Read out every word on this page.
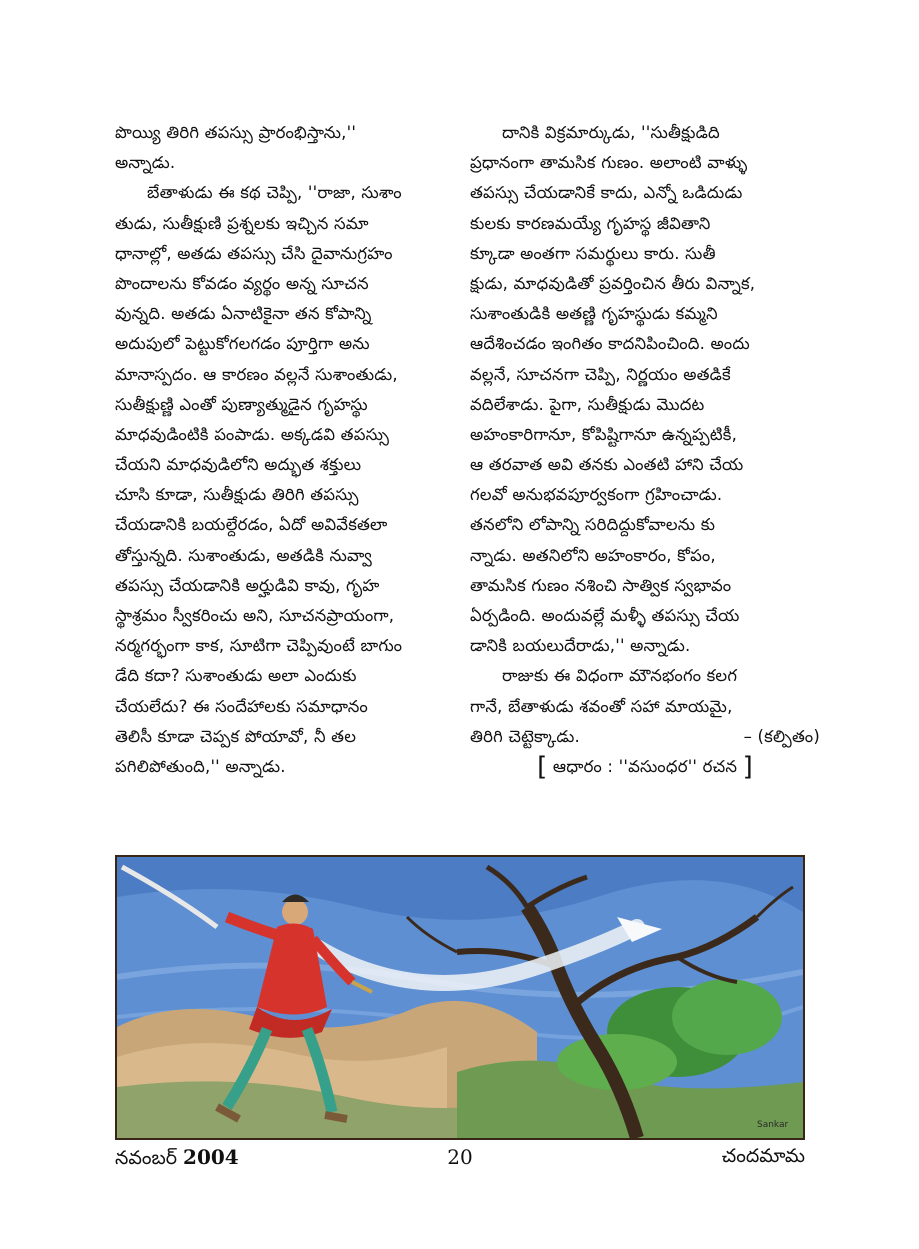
పొయ్యి తిరిగి తపస్సు ప్రారంభిస్తాను,''
అన్నాడు.
బేతాళుడు ఈ కథ చెప్పి, ''రాజా, సుశాం
తుడు, సుతీక్షుణి ప్రశ్నలకు ఇచ్చిన సమా
ధానాల్లో, అతడు తపస్సు చేసి దైవానుగ్రహం
పొందాలను కోవడం వ్యర్థం అన్న సూచన
వున్నది. అతడు ఏనాటికైనా తన కోపాన్ని
అదుపులో పెట్టుకోగలగడం పూర్తిగా అను
మానాస్పదం. ఆ కారణం వల్లనే సుశాంతుడు,
సుతీక్షుణ్ణి ఎంతో పుణ్యాత్ముడైన గృహస్థు
మాధవుడింటికి పంపాడు. అక్కడవి తపస్సు
చేయని మాధవుడిలోని అద్భుత శక్తులు
చూసి కూడా, సుతీక్షుడు తిరిగి తపస్సు
చేయడానికి బయల్దేరడం, ఏదో అవివేకతలా
తోస్తున్నది. సుశాంతుడు, అతడికి నువ్వా
తపస్సు చేయడానికి అర్హుడివి కావు, గృహ
స్థాశ్రమం స్వీకరించు అని, సూచనప్రాయంగా,
నర్మగర్భంగా కాక, సూటిగా చెప్పివుంటే బాగుం
డేది కదా? సుశాంతుడు అలా ఎందుకు
చేయలేదు? ఈ సందేహాలకు సమాధానం
తెలిసీ కూడా చెప్పక పోయావో, నీ తల
పగిలిపోతుంది,'' అన్నాడు.
దానికి విక్రమార్కుడు, ''సుతీక్షుడిది
ప్రధానంగా తామసిక గుణం. అలాంటి వాళ్ళు
తపస్సు చేయడానికే కాదు, ఎన్నో ఒడిదుడు
కులకు కారణమయ్యే గృహస్థ జీవితాని
క్కూడా అంతగా సమర్థులు కారు. సుతీ
క్షుడు, మాధవుడితో ప్రవర్తించిన తీరు విన్నాక,
సుశాంతుడికి అతణ్ణి గృహస్థుడు కమ్మని
ఆదేశించడం ఇంగితం కాదనిపించింది. అందు
వల్లనే, సూచనగా చెప్పి, నిర్ణయం అతడికే
వదిలేశాడు. పైగా, సుతీక్షుడు మొదట
అహంకారిగానూ, కోపిష్టిగానూ ఉన్నప్పటికీ,
ఆ తరవాత అవి తనకు ఎంతటి హాని చేయ
గలవో అనుభవపూర్వకంగా గ్రహించాడు.
తనలోని లోపాన్ని సరిదిద్దుకోవాలను కు
న్నాడు. అతనిలోని అహంకారం, కోపం,
తామసిక గుణం నశించి సాత్విక స్వభావం
ఏర్పడింది. అందువల్లే మళ్ళీ తపస్సు చేయ
డానికి బయలుదేరాడు,'' అన్నాడు.
రాజుకు ఈ విధంగా మౌనభంగం కలగ
గానే, బేతాళుడు శవంతో సహా మాయమై,
తిరిగి చెట్టెక్కాడు.	– (కల్పితం)
[ ఆధారం : ''వసుంధర'' రచన ]
Sankar
నవంబర్ 2004	20	చందమామ
